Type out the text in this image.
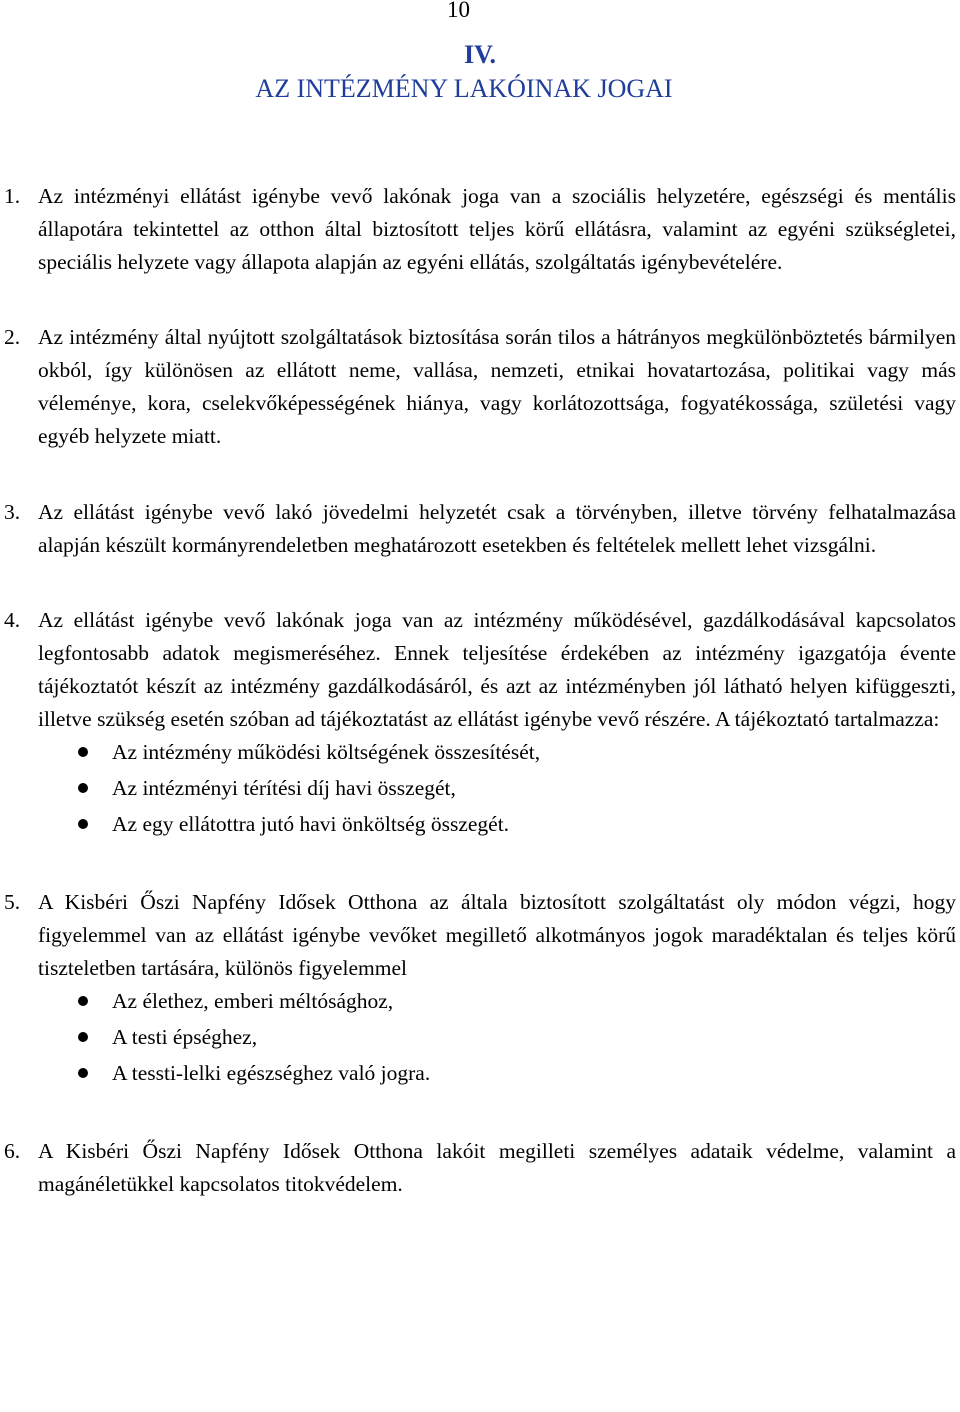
10
IV.
AZ INTÉZMÉNY LAKÓINAK JOGAI
1. Az intézményi ellátást igénybe vevő lakónak joga van a szociális helyzetére, egészségi és mentális állapotára tekintettel az otthon által biztosított teljes körű ellátásra, valamint az egyéni szükségletei, speciális helyzete vagy állapota alapján az egyéni ellátás, szolgáltatás igénybevételére.
2. Az intézmény által nyújtott szolgáltatások biztosítása során tilos a hátrányos megkülönböztetés bármilyen okból, így különösen az ellátott neme, vallása, nemzeti, etnikai hovatartozása, politikai vagy más véleménye, kora, cselekvőképességének hiánya, vagy korlátozottsága, fogyatékossága, születési vagy egyéb helyzete miatt.
3. Az ellátást igénybe vevő lakó jövedelmi helyzetét csak a törvényben, illetve törvény felhatalmazása alapján készült kormányrendeletben meghatározott esetekben és feltételek mellett lehet vizsgálni.
4. Az ellátást igénybe vevő lakónak joga van az intézmény működésével, gazdálkodásával kapcsolatos legfontosabb adatok megismeréséhez. Ennek teljesítése érdekében az intézmény igazgatója évente tájékoztatót készít az intézmény gazdálkodásáról, és azt az intézményben jól látható helyen kifüggeszti, illetve szükség esetén szóban ad tájékoztatást az ellátást igénybe vevő részére. A tájékoztató tartalmazza:
Az intézmény működési költségének összesítését,
Az intézményi térítési díj havi összegét,
Az egy ellátottra jutó havi önköltség összegét.
5. A Kisbéri Őszi Napfény Idősek Otthona az általa biztosított szolgáltatást oly módon végzi, hogy figyelemmel van az ellátást igénybe vevőket megillető alkotmányos jogok maradéktalan és teljes körű tiszteletben tartására, különös figyelemmel
Az élethez, emberi méltósághoz,
A testi épséghez,
A tessti-lelki egészséghez való jogra.
6. A Kisbéri Őszi Napfény Idősek Otthona lakóit megilleti személyes adataik védelme, valamint a magánéletükkel kapcsolatos titokvédelem.
